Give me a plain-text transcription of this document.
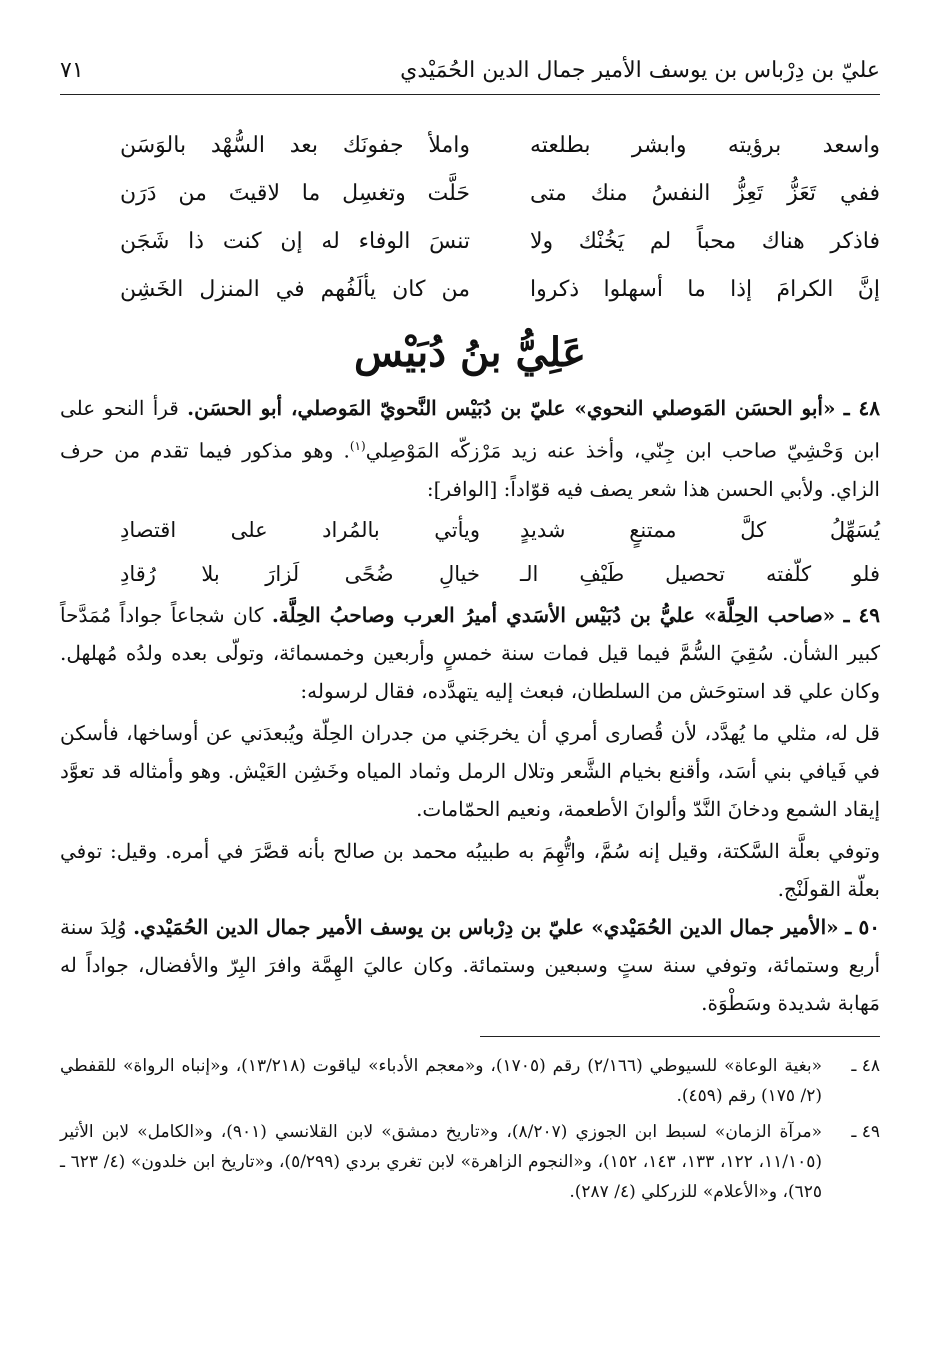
عليّ بن دِرْباس بن يوسف الأمير جمال الدين الحُمَيْدي
٧١
واسعد برؤيته وابشر بطلعته
واملأ جفونَك بعد السُّهْد بالوَسَن
ففي تَعَزُّ تَعِزُّ النفسُ منك متى
حَلَّت وتغسِل ما لاقيتَ من دَرَن
فاذكر هناك محباً لم يَخُنْك ولا
تنسَ الوفاء له إن كنت ذا شَجَن
إنَّ الكرامَ إذا ما أسهلوا ذكروا
من كان يألَفُهم في المنزل الخَشِن
عَلِيُّ بنُ دُبَيْس

٤٨ ـ «أبو الحسَن المَوصلي النحوي» عليّ بن دُبَيْس النَّحويّ المَوصلي، أبو الحسَن. قرأ النحو على ابن وَحْشِيّ صاحب ابن جِنّي، وأخذ عنه زيد مَرْزكّه المَوْصِلي$^{(١)}$. وهو مذكور فيما تقدم من حرف الزاي. ولأبي الحسن هذا شعر يصف فيه قوّاداً: [الوافر]:

يُسَهِّلُ كلَّ ممتنعٍ شديدٍ
ويأتي بالمُراد على اقتصادِ
فلو كلّفته تحصيل طَيْفِ الـ
خيالِ ضُحًى لَزارَ بلا رُقادِ

٤٩ ـ «صاحب الحِلَّة» عليُّ بن دُبَيْس الأسَدي أميرُ العرب وصاحبُ الحِلَّة. كان شجاعاً جواداً مُمَدَّحاً كبير الشأن. سُقِيَ السُّمَّ فيما قيل فمات سنة خمسٍ وأربعين وخمسمائة، وتولّى بعده ولدُه مُهلهل. وكان علي قد استوحَش من السلطان، فبعث إليه يتهدَّده، فقال لرسوله:

قل له، مثلي ما يُهدَّد، لأن قُصارى أمري أن يخرجَني من جدران الحِلّة ويُبعدَني عن أوساخها، فأسكن في فَيافي بني أسَد، وأقنع بخيام الشَّعر وتلال الرمل وثماد المياه وخَشِن العَيْش. وهو وأمثاله قد تعوَّد إيقاد الشمع ودخانَ النَّدّ وألوانَ الأطعمة، ونعيم الحمّامات.

وتوفي بعلَّة السَّكتة، وقيل إنه سُمَّ، واتُّهِمَ به طبيبُه محمد بن صالح بأنه قصَّرَ في أمره. وقيل: توفي بعلّة القولَنْج.

٥٠ ـ «الأمير جمال الدين الحُمَيْدي» عليّ بن دِرْباس بن يوسف الأمير جمال الدين الحُمَيْدي. وُلِدَ سنة أربع وستمائة، وتوفي سنة ستٍ وسبعين وستمائة. وكان عاليَ الهِمَّة وافرَ البِرّ والأفضال، جواداً له مَهابة شديدة وسَطْوَة.

٤٨ ـ
«بغية الوعاة» للسيوطي (٢/١٦٦) رقم (١٧٠٥)، و«معجم الأدباء» لياقوت (١٣/٢١٨)، و«إنباه الرواة» للقفطي (٢/ ١٧٥) رقم (٤٥٩).
٤٩ ـ
«مرآة الزمان» لسبط ابن الجوزي (٨/٢٠٧)، و«تاريخ دمشق» لابن القلانسي (٩٠١)، و«الكامل» لابن الأثير (١١/١٠٥، ١٢٢، ١٣٣، ١٤٣، ١٥٢)، و«النجوم الزاهرة» لابن تغري بردي (٥/٢٩٩)، و«تاريخ ابن خلدون» (٤/ ٦٢٣ ـ ٦٢٥)، و«الأعلام» للزركلي (٤/ ٢٨٧).
